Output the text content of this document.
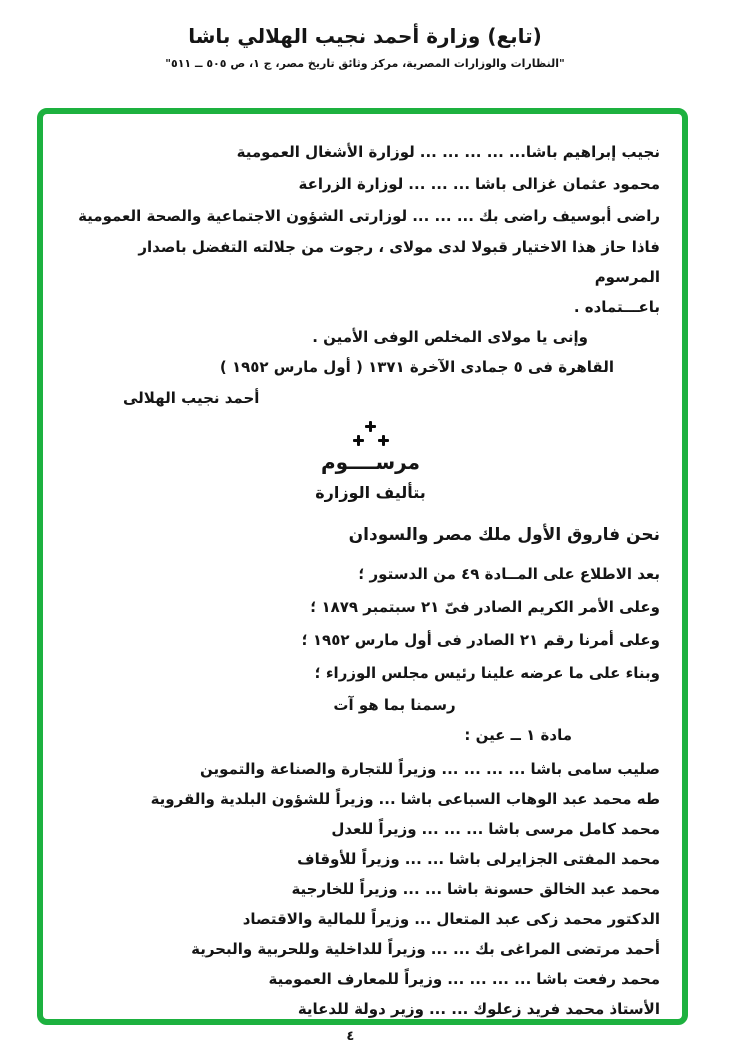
(تابع) وزارة أحمد نجيب الهلالي باشا
"النظارات والوزارات المصرية، مركز وثائق تاريخ مصر، ج ١، ص ٥٠٥ ــ ٥١١"
نجيب إبراهيم باشا...... ... ... ...لوزارة الأشغال العمومية
محمود عثمان غزالى باشا... ... ...لوزارة الزراعة
راضى أبوسيف راضى بك... ... ...لوزارتى الشؤون الاجتماعية والصحة العمومية
فاذا حاز هذا الاختيار قبولا لدى مولاى ، رجوت من جلالته التفضل باصدار المرسوم
باعـــتماده .
وإنى يا مولاى المخلص الوفى الأمين .
القاهرة فى ٥ جمادى الآخرة ١٣٧١ ( أول مارس ١٩٥٢ )
أحمد نجيب الهلالى
مرســــوم
بتأليف الوزارة
نحن فاروق الأول ملك مصر والسودان
بعد الاطلاع على المــادة ٤٩ من الدستور ؛
وعلى الأمر الكريم الصادر فىّ ٢١ سبتمبر ١٨٧٩ ؛
وعلى أمرنا رقم ٢١ الصادر فى أول مارس ١٩٥٢ ؛
وبناء على ما عرضه علينا رئيس مجلس الوزراء ؛
رسمنا بما هو آت
مادة ١ ــ عين :
صليب سامى باشا... ... ... ...وزيراً للتجارة والصناعة والتموين
طه محمد عبد الوهاب السباعى باشا...وزيراً للشؤون البلدية والقروية
محمد كامل مرسى باشا... ... ...وزيراً للعدل
محمد المفتى الجزايرلى باشا... ...وزيراً للأوقاف
محمد عبد الخالق حسونة باشا... ...وزيراً للخارجية
الدكتور محمد زكى عبد المتعال...وزيراً للمالية والاقتصاد
أحمد مرتضى المراغى بك... ...وزيراً للداخلية وللحربية والبحرية
محمد رفعت باشا... ... ... ...وزيراً للمعارف العمومية
الأستاذ محمد فريد زعلوك... ...وزير دولة للدعاية
٤
